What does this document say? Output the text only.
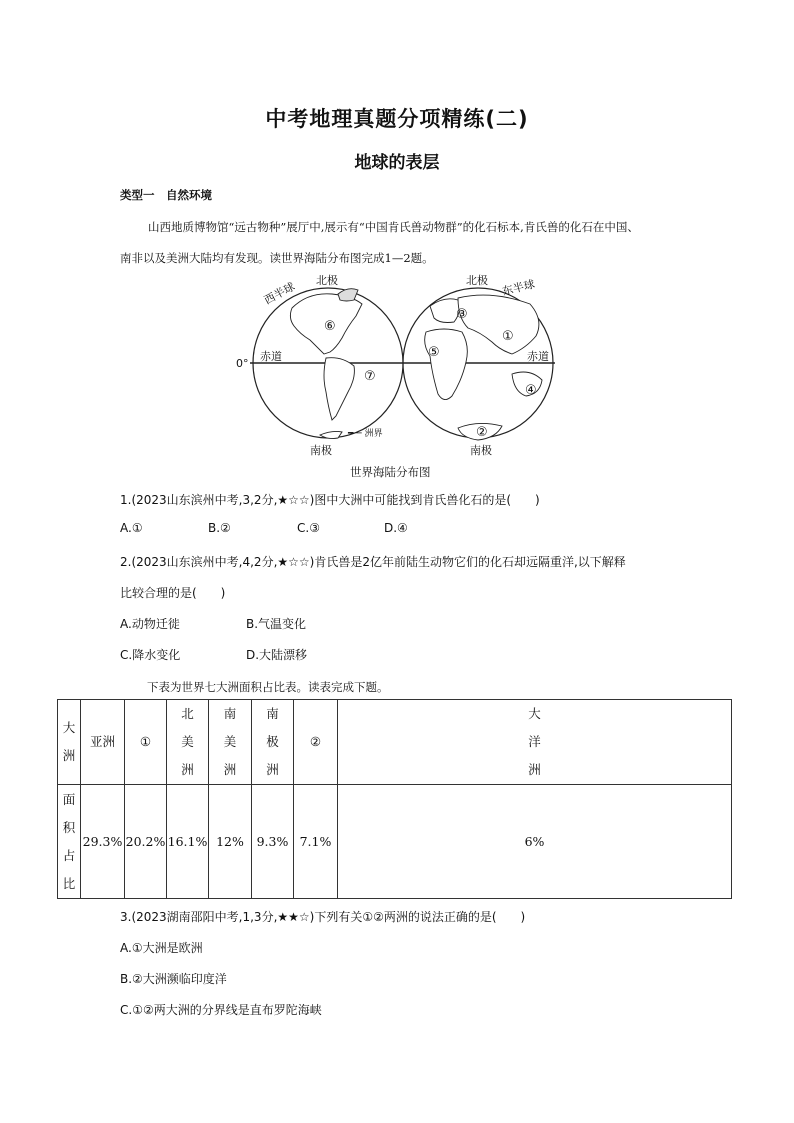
中考地理真题分项精练(二)
地球的表层
类型一　自然环境
山西地质博物馆“远古物种”展厅中,展示有“中国肯氏兽动物群”的化石标本,肯氏兽的化石在中国、
南非以及美洲大陆均有发现。读世界海陆分布图完成1—2题。
西半球 北极	北极 东半球
赤道	赤道
0°
南极	南极
━ ─ 洲界
①
②
③
④
⑤
⑥
⑦
世界海陆分布图
1.(2023山东滨州中考,3,2分,★☆☆)图中大洲中可能找到肯氏兽化石的是(　　)
A.①	B.②	C.③	D.④
2.(2023山东滨州中考,4,2分,★☆☆)肯氏兽是2亿年前陆生动物它们的化石却远隔重洋,以下解释
比较合理的是(　　)
A.动物迁徙	B.气温变化
C.降水变化	D.大陆漂移
下表为世界七大洲面积占比表。读表完成下题。
大洲	亚洲	①	北美洲	南美洲	南极洲	②	大洋洲
面积占比	29.3%	20.2%	16.1%	12%	9.3%	7.1%	6%
3.(2023湖南邵阳中考,1,3分,★★☆)下列有关①②两洲的说法正确的是(　　)
A.①大洲是欧洲
B.②大洲濒临印度洋
C.①②两大洲的分界线是直布罗陀海峡
